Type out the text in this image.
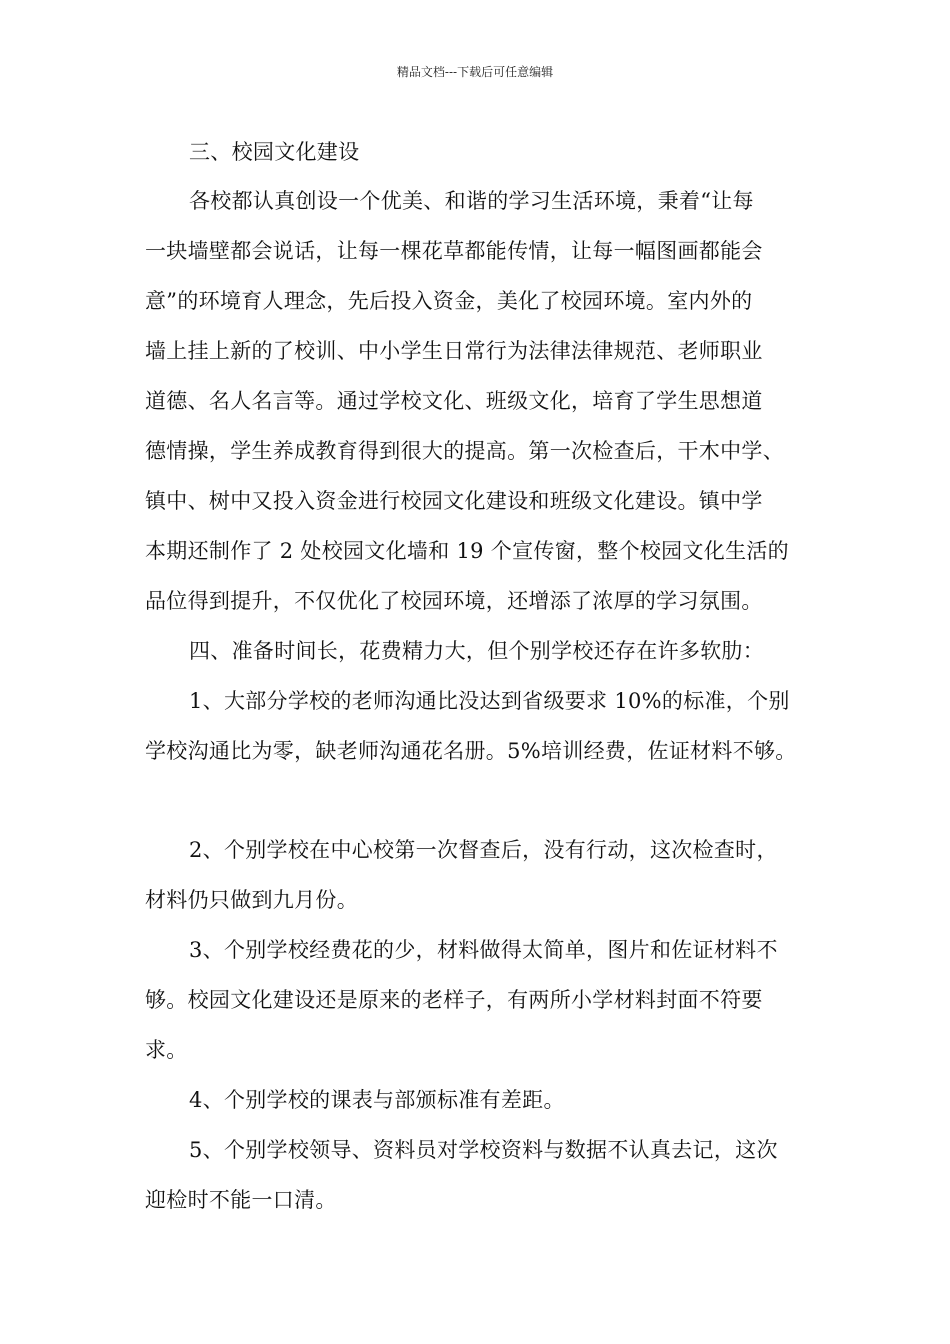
精品文档---下载后可任意编辑
三、校园文化建设
各校都认真创设一个优美、和谐的学习生活环境，秉着“让每
一块墙壁都会说话，让每一棵花草都能传情，让每一幅图画都能会
意”的环境育人理念，先后投入资金，美化了校园环境。室内外的
墙上挂上新的了校训、中小学生日常行为法律法律规范、老师职业
道德、名人名言等。通过学校文化、班级文化，培育了学生思想道
德情操，学生养成教育得到很大的提高。第一次检查后，干木中学、
镇中、树中又投入资金进行校园文化建设和班级文化建设。镇中学
本期还制作了 2 处校园文化墙和 19 个宣传窗，整个校园文化生活的
品位得到提升，不仅优化了校园环境，还增添了浓厚的学习氛围。
四、准备时间长，花费精力大，但个别学校还存在许多软肋：
1、大部分学校的老师沟通比没达到省级要求 10%的标准，个别
学校沟通比为零，缺老师沟通花名册。5%培训经费，佐证材料不够。
2、个别学校在中心校第一次督查后，没有行动，这次检查时，
材料仍只做到九月份。
3、个别学校经费花的少，材料做得太简单，图片和佐证材料不
够。校园文化建设还是原来的老样子，有两所小学材料封面不符要
求。
4、个别学校的课表与部颁标准有差距。
5、个别学校领导、资料员对学校资料与数据不认真去记，这次
迎检时不能一口清。
